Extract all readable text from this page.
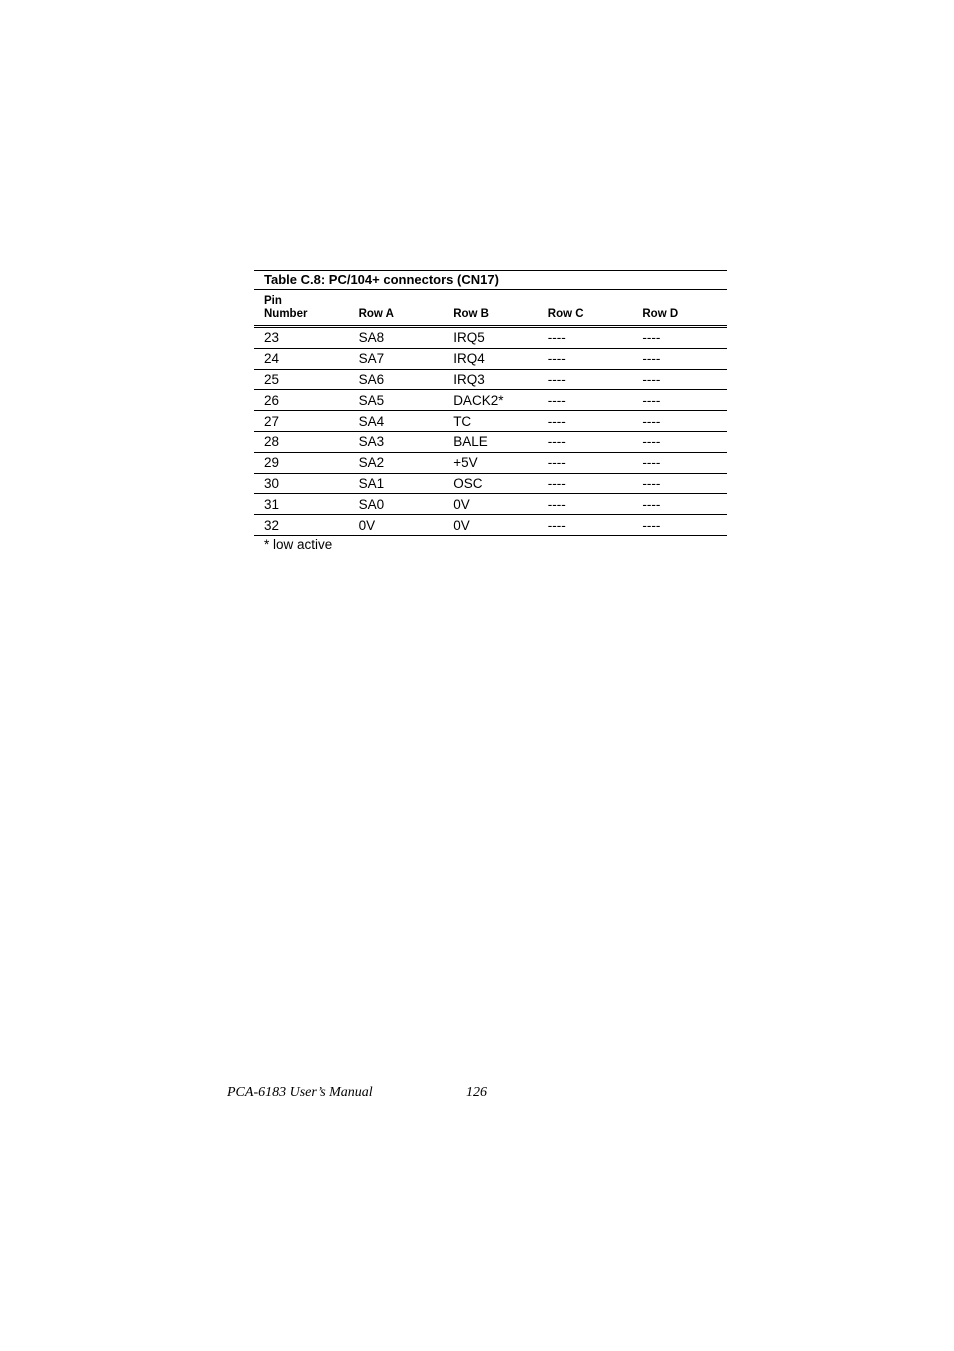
Table C.8: PC/104+ connectors (CN17)
Pin
Number	Row A	Row B	Row C	Row D
23	SA8	IRQ5	----	----
24	SA7	IRQ4	----	----
25	SA6	IRQ3	----	----
26	SA5	DACK2*	----	----
27	SA4	TC	----	----
28	SA3	BALE	----	----
29	SA2	+5V	----	----
30	SA1	OSC	----	----
31	SA0	0V	----	----
32	0V	0V	----	----
* low active
PCA-6183 User’s Manual	126
